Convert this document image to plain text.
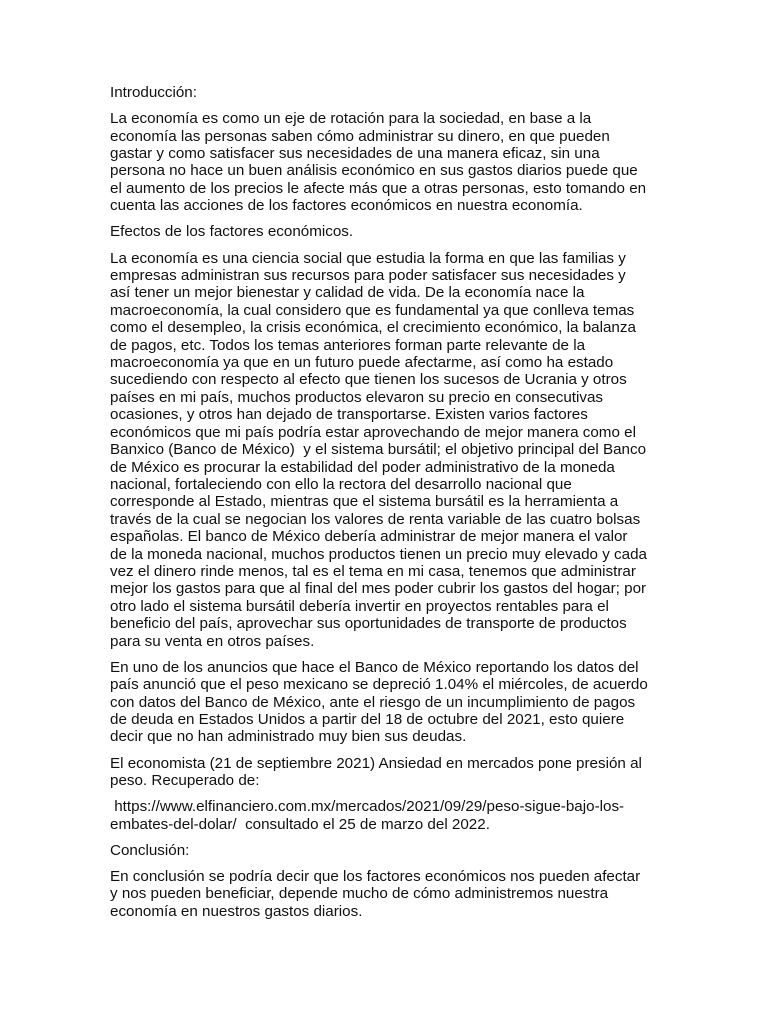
Introducción:

La economía es como un eje de rotación para la sociedad, en base a la
economía las personas saben cómo administrar su dinero, en que pueden
gastar y como satisfacer sus necesidades de una manera eficaz, sin una
persona no hace un buen análisis económico en sus gastos diarios puede que
el aumento de los precios le afecte más que a otras personas, esto tomando en
cuenta las acciones de los factores económicos en nuestra economía.

Efectos de los factores económicos.

La economía es una ciencia social que estudia la forma en que las familias y
empresas administran sus recursos para poder satisfacer sus necesidades y
así tener un mejor bienestar y calidad de vida. De la economía nace la
macroeconomía, la cual considero que es fundamental ya que conlleva temas
como el desempleo, la crisis económica, el crecimiento económico, la balanza
de pagos, etc. Todos los temas anteriores forman parte relevante de la
macroeconomía ya que en un futuro puede afectarme, así como ha estado
sucediendo con respecto al efecto que tienen los sucesos de Ucrania y otros
países en mi país, muchos productos elevaron su precio en consecutivas
ocasiones, y otros han dejado de transportarse. Existen varios factores
económicos que mi país podría estar aprovechando de mejor manera como el
Banxico (Banco de México)  y el sistema bursátil; el objetivo principal del Banco
de México es procurar la estabilidad del poder administrativo de la moneda
nacional, fortaleciendo con ello la rectora del desarrollo nacional que
corresponde al Estado, mientras que el sistema bursátil es la herramienta a
través de la cual se negocian los valores de renta variable de las cuatro bolsas
españolas. El banco de México debería administrar de mejor manera el valor
de la moneda nacional, muchos productos tienen un precio muy elevado y cada
vez el dinero rinde menos, tal es el tema en mi casa, tenemos que administrar
mejor los gastos para que al final del mes poder cubrir los gastos del hogar; por
otro lado el sistema bursátil debería invertir en proyectos rentables para el
beneficio del país, aprovechar sus oportunidades de transporte de productos
para su venta en otros países.

En uno de los anuncios que hace el Banco de México reportando los datos del
país anunció que el peso mexicano se depreció 1.04% el miércoles, de acuerdo
con datos del Banco de México, ante el riesgo de un incumplimiento de pagos
de deuda en Estados Unidos a partir del 18 de octubre del 2021, esto quiere
decir que no han administrado muy bien sus deudas.

El economista (21 de septiembre 2021) Ansiedad en mercados pone presión al
peso. Recuperado de:

https://www.elfinanciero.com.mx/mercados/2021/09/29/peso-sigue-bajo-los-
embates-del-dolar/  consultado el 25 de marzo del 2022.

Conclusión:

En conclusión se podría decir que los factores económicos nos pueden afectar
y nos pueden beneficiar, depende mucho de cómo administremos nuestra
economía en nuestros gastos diarios.
